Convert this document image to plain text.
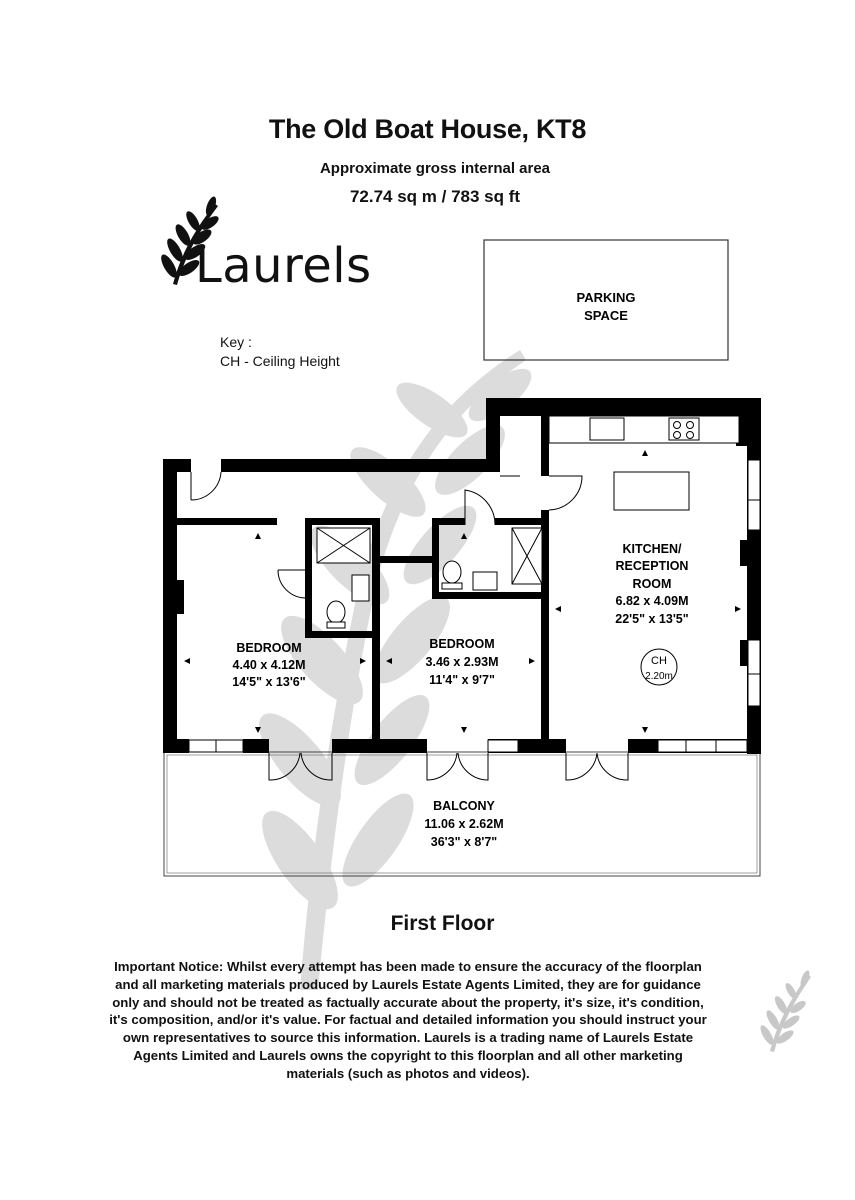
The Old Boat House, KT8
Approximate gross internal area
72.74 sq m / 783 sq ft
Laurels
Key :
CH - Ceiling Height
PARKING
SPACE
CH
2.20m
BEDROOM
4.40 x 4.12M
14'5" x 13'6"
BEDROOM
3.46 x 2.93M
11'4" x 9'7"
KITCHEN/
RECEPTION
ROOM
6.82 x 4.09M
22'5" x 13'5"
BALCONY
11.06 x 2.62M
36'3" x 8'7"
First Floor
Important Notice: Whilst every attempt has been made to ensure the accuracy of the floorplan and all marketing materials produced by Laurels Estate Agents Limited, they are for guidance only and should not be treated as factually accurate about the property, it's size, it's condition, it's composition, and/or it's value. For factual and detailed information you should instruct your own representatives to source this information. Laurels is a trading name of Laurels Estate Agents Limited and Laurels owns the copyright to this floorplan and all other marketing materials (such as photos and videos).
